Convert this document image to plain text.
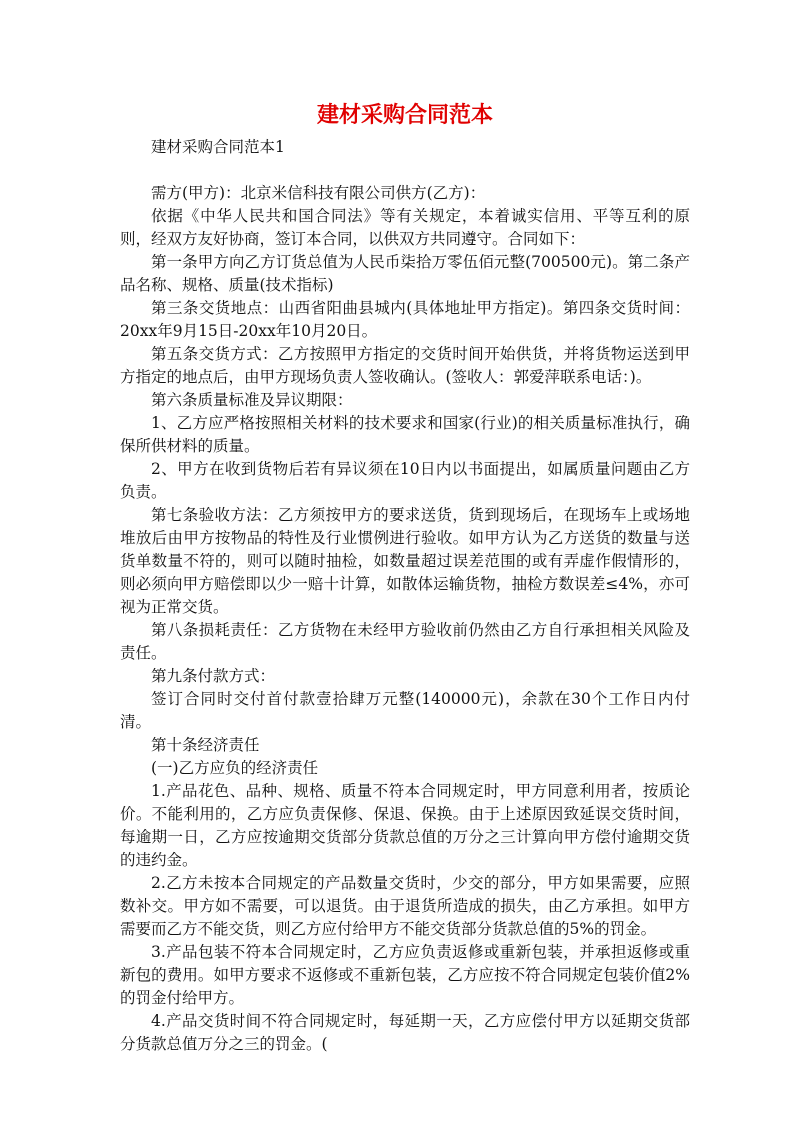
建材采购合同范本

建材采购合同范本1

需方(甲方)：北京米信科技有限公司供方(乙方)：

依据《中华人民共和国合同法》等有关规定，本着诚实信用、平等互利的原则，经双方友好协商，签订本合同，以供双方共同遵守。合同如下：

第一条甲方向乙方订货总值为人民币柒拾万零伍佰元整(700500元)。第二条产品名称、规格、质量(技术指标)

第三条交货地点：山西省阳曲县城内(具体地址甲方指定)。第四条交货时间：20xx年9月15日-20xx年10月20日。

第五条交货方式：乙方按照甲方指定的交货时间开始供货，并将货物运送到甲方指定的地点后，由甲方现场负责人签收确认。(签收人：郭爱萍联系电话：)。

第六条质量标准及异议期限：

1、乙方应严格按照相关材料的技术要求和国家(行业)的相关质量标准执行，确保所供材料的质量。

2、甲方在收到货物后若有异议须在10日内以书面提出，如属质量问题由乙方负责。

第七条验收方法：乙方须按甲方的要求送货，货到现场后，在现场车上或场地堆放后由甲方按物品的特性及行业惯例进行验收。如甲方认为乙方送货的数量与送货单数量不符的，则可以随时抽检，如数量超过误差范围的或有弄虚作假情形的，则必须向甲方赔偿即以少一赔十计算，如散体运输货物，抽检方数误差≤4%，亦可视为正常交货。

第八条损耗责任：乙方货物在未经甲方验收前仍然由乙方自行承担相关风险及责任。

第九条付款方式：

签订合同时交付首付款壹拾肆万元整(140000元)，余款在30个工作日内付清。

第十条经济责任

(一)乙方应负的经济责任

1.产品花色、品种、规格、质量不符本合同规定时，甲方同意利用者，按质论价。不能利用的，乙方应负责保修、保退、保换。由于上述原因致延误交货时间，每逾期一日，乙方应按逾期交货部分货款总值的万分之三计算向甲方偿付逾期交货的违约金。

2.乙方未按本合同规定的产品数量交货时，少交的部分，甲方如果需要，应照数补交。甲方如不需要，可以退货。由于退货所造成的损失，由乙方承担。如甲方需要而乙方不能交货，则乙方应付给甲方不能交货部分货款总值的5%的罚金。

3.产品包装不符本合同规定时，乙方应负责返修或重新包装，并承担返修或重新包的费用。如甲方要求不返修或不重新包装，乙方应按不符合同规定包装价值2%的罚金付给甲方。

4.产品交货时间不符合同规定时，每延期一天，乙方应偿付甲方以延期交货部分货款总值万分之三的罚金。(
